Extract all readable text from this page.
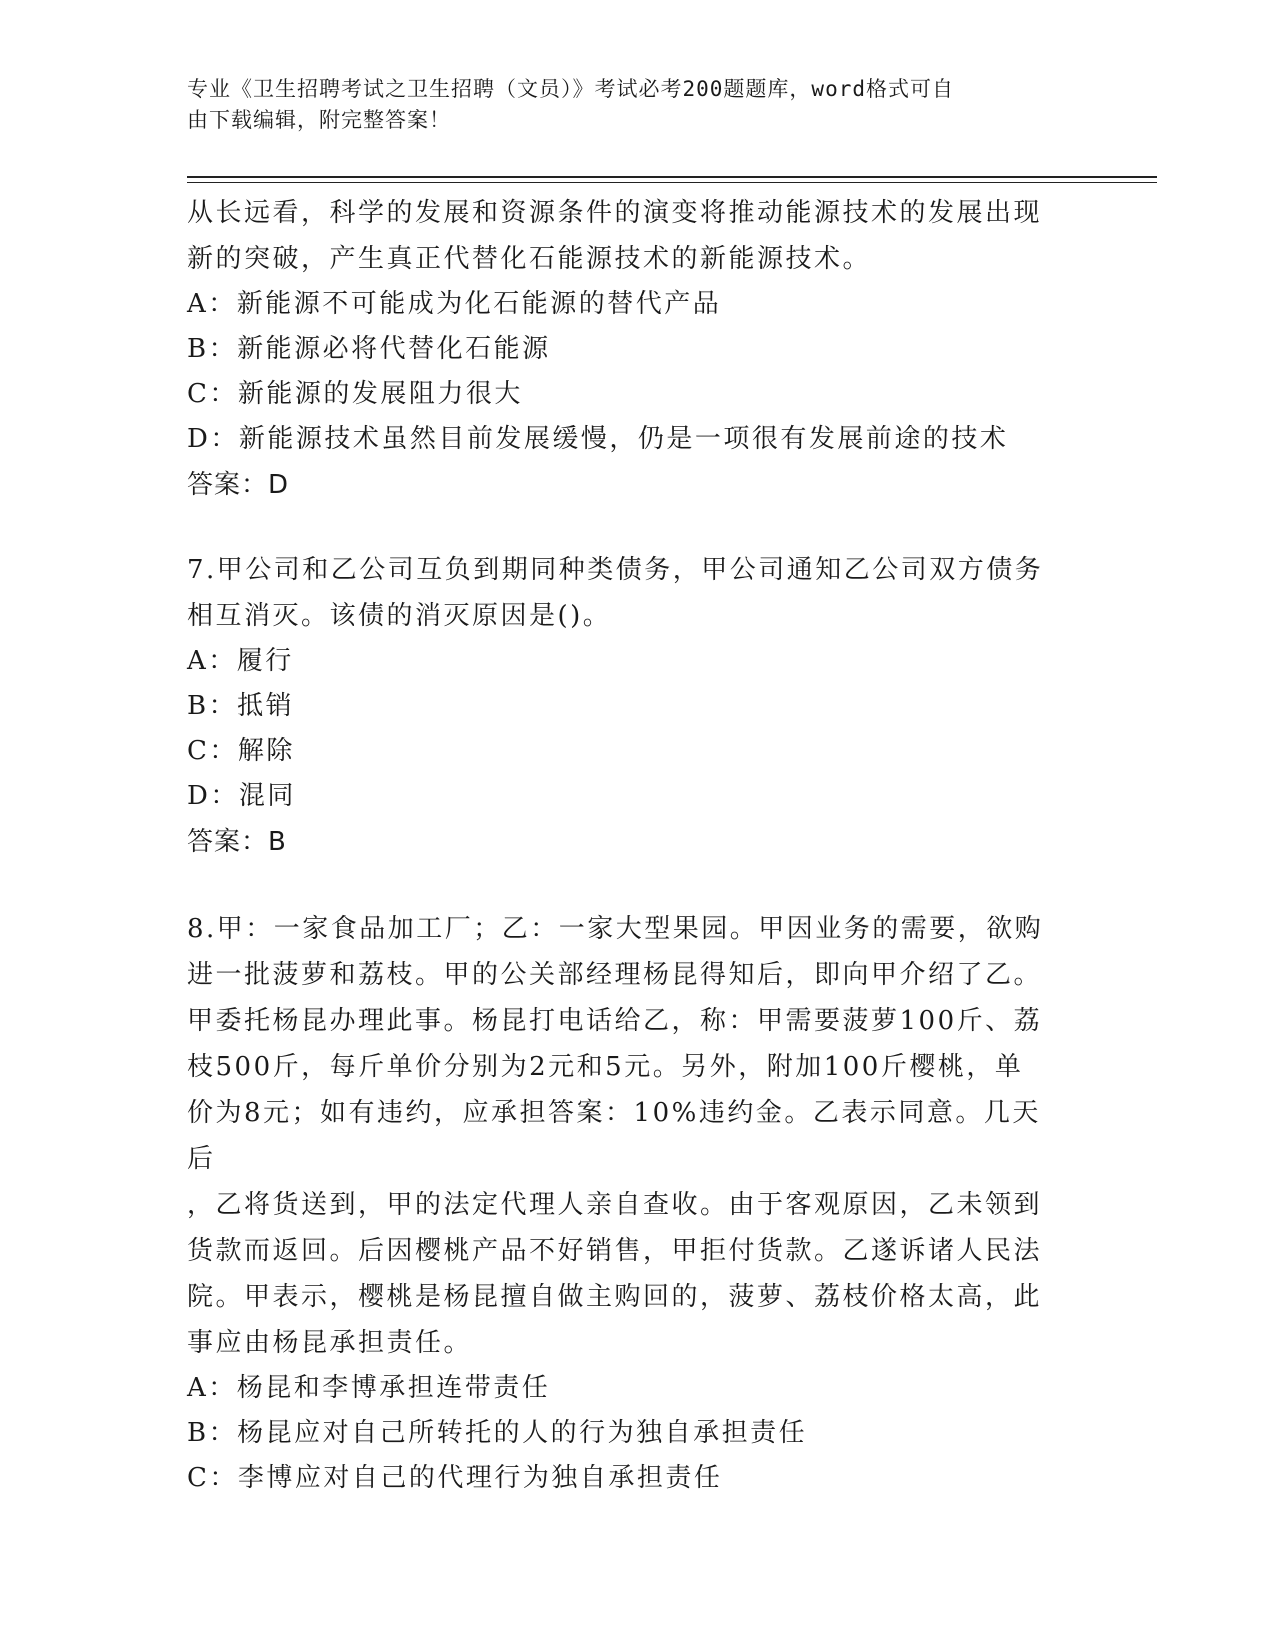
专业《卫生招聘考试之卫生招聘（文员）》考试必考200题题库，word格式可自
由下载编辑，附完整答案！

从长远看，科学的发展和资源条件的演变将推动能源技术的发展出现

新的突破，产生真正代替化石能源技术的新能源技术。

A：新能源不可能成为化石能源的替代产品

B：新能源必将代替化石能源

C：新能源的发展阻力很大

D：新能源技术虽然目前发展缓慢，仍是一项很有发展前途的技术

答案：D

7.甲公司和乙公司互负到期同种类债务，甲公司通知乙公司双方债务

相互消灭。该债的消灭原因是()。

A：履行

B：抵销

C：解除

D：混同

答案：B

8.甲：一家食品加工厂；乙：一家大型果园。甲因业务的需要，欲购

进一批菠萝和荔枝。甲的公关部经理杨昆得知后，即向甲介绍了乙。

甲委托杨昆办理此事。杨昆打电话给乙，称：甲需要菠萝100斤、荔

枝500斤，每斤单价分别为2元和5元。另外，附加100斤樱桃，单

价为8元；如有违约，应承担答案：10%违约金。乙表示同意。几天后

，乙将货送到，甲的法定代理人亲自查收。由于客观原因，乙未领到

货款而返回。后因樱桃产品不好销售，甲拒付货款。乙遂诉诸人民法

院。甲表示，樱桃是杨昆擅自做主购回的，菠萝、荔枝价格太高，此

事应由杨昆承担责任。

A：杨昆和李博承担连带责任

B：杨昆应对自己所转托的人的行为独自承担责任

C：李博应对自己的代理行为独自承担责任
